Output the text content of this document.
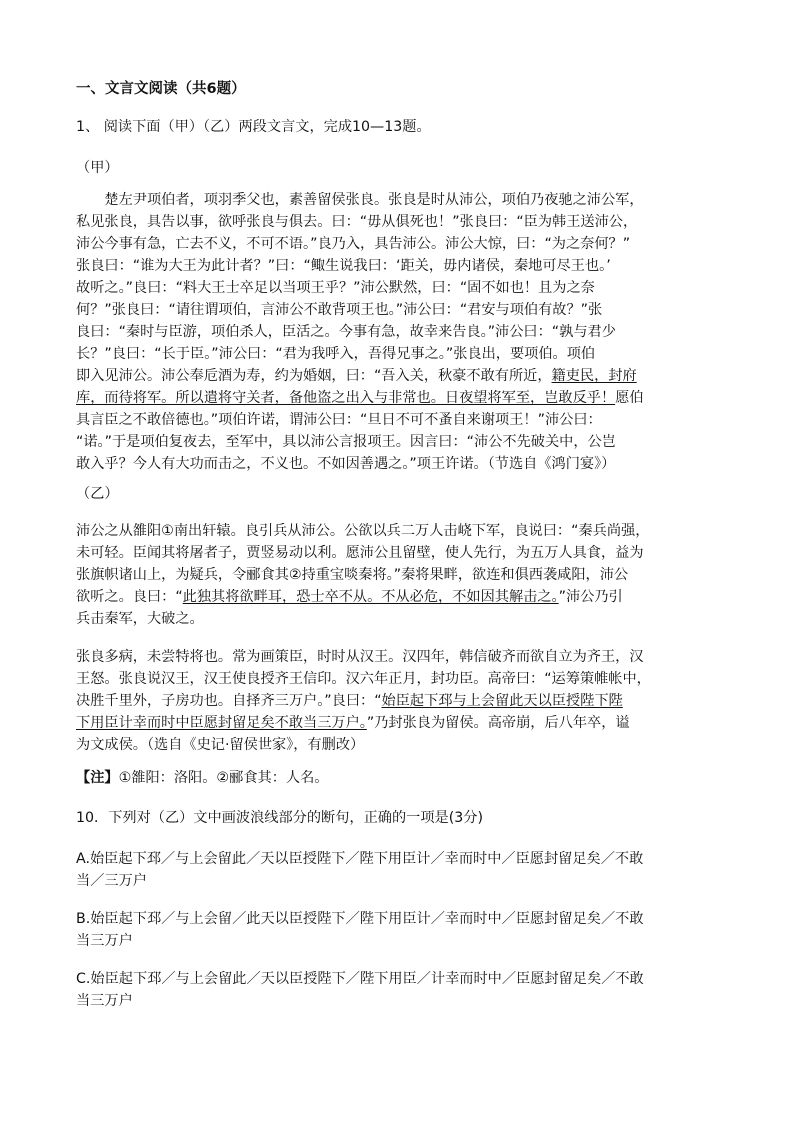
一、文言文阅读（共6题）
1、 阅读下面（甲）（乙）两段文言文，完成10—13题。
（甲）

　　楚左尹项伯者，项羽季父也，素善留侯张良。张良是时从沛公，项伯乃夜驰之沛公军，

私见张良，具告以事，欲呼张良与俱去。曰：“毋从俱死也！”张良曰：“臣为韩王送沛公，

沛公今事有急，亡去不义，不可不语。”良乃入，具告沛公。沛公大惊，曰：“为之奈何？”

张良曰：“谁为大王为此计者？”曰：“鲰生说我曰：‘距关，毋内诸侯，秦地可尽王也。’

故听之。”良曰：“料大王士卒足以当项王乎？”沛公默然，曰：“固不如也！且为之奈

何？”张良曰：“请往谓项伯，言沛公不敢背项王也。”沛公曰：“君安与项伯有故？”张

良曰：“秦时与臣游，项伯杀人，臣活之。今事有急，故幸来告良。”沛公曰：“孰与君少

长？”良曰：“长于臣。”沛公曰：“君为我呼入，吾得兄事之。”张良出，要项伯。项伯

即入见沛公。沛公奉卮酒为寿，约为婚姻，曰：“吾入关，秋豪不敢有所近，籍吏民，封府

库，而待将军。所以遣将守关者，备他盗之出入与非常也。日夜望将军至，岂敢反乎！愿伯

具言臣之不敢倍德也。”项伯许诺，谓沛公曰：“旦日不可不蚤自来谢项王！”沛公曰：

“诺。”于是项伯复夜去，至军中，具以沛公言报项王。因言曰：“沛公不先破关中，公岂

敢入乎？今人有大功而击之，不义也。不如因善遇之。”项王许诺。（节选自《鸿门宴》）

（乙）

沛公之从雒阳①南出轩辕。良引兵从沛公。公欲以兵二万人击峣下军，良说曰：“秦兵尚强，

未可轻。臣闻其将屠者子，贾竖易动以利。愿沛公且留壁，使人先行，为五万人具食，益为

张旗帜诸山上，为疑兵，令郦食其②持重宝啖秦将。”秦将果畔，欲连和俱西袭咸阳，沛公

欲听之。良曰：“此独其将欲畔耳，恐士卒不从。不从必危，不如因其解击之。”沛公乃引

兵击秦军，大破之。

张良多病，未尝特将也。常为画策臣，时时从汉王。汉四年，韩信破齐而欲自立为齐王，汉

王怒。张良说汉王，汉王使良授齐王信印。汉六年正月，封功臣。高帝曰：“运筹策帷帐中，

决胜千里外，子房功也。自择齐三万户。”良曰：“始臣起下邳与上会留此天以臣授陛下陛

下用臣计幸而时中臣愿封留足矣不敢当三万户。”乃封张良为留侯。高帝崩，后八年卒，谥

为文成侯。（选自《史记·留侯世家》，有删改）

【注】①雒阳：洛阳。②郦食其：人名。
10．下列对（乙）文中画波浪线部分的断句，正确的一项是(3分)

A.始臣起下邳／与上会留此／天以臣授陛下／陛下用臣计／幸而时中／臣愿封留足矣／不敢

当／三万户

B.始臣起下邳／与上会留／此天以臣授陛下／陛下用臣计／幸而时中／臣愿封留足矣／不敢

当三万户

C.始臣起下邳／与上会留此／天以臣授陛下／陛下用臣／计幸而时中／臣愿封留足矣／不敢

当三万户
